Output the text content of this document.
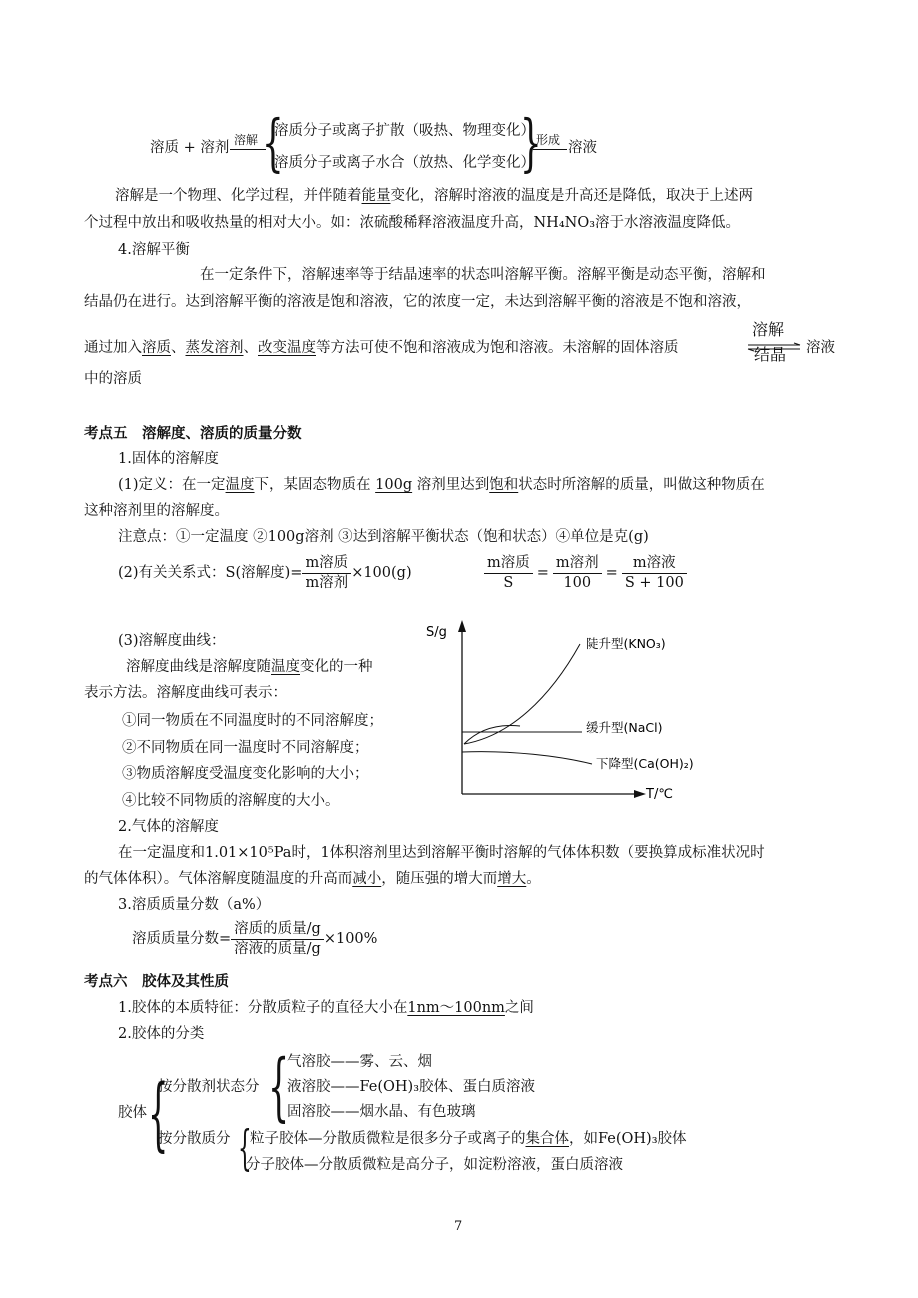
溶质 + 溶剂 溶解 {
溶质分子或离子扩散（吸热、物理变化）
溶质分子或离子水合（放热、化学变化）
}
形成 溶液
溶解是一个物理、化学过程，并伴随着能量变化，溶解时溶液的温度是升高还是降低，取决于上述两
个过程中放出和吸收热量的相对大小。如：浓硫酸稀释溶液温度升高，NH₄NO₃溶于水溶液温度降低。
4.溶解平衡
在一定条件下，溶解速率等于结晶速率的状态叫溶解平衡。溶解平衡是动态平衡，溶解和
结晶仍在进行。达到溶解平衡的溶液是饱和溶液，它的浓度一定，未达到溶解平衡的溶液是不饱和溶液，
通过加入溶质、蒸发溶剂、改变温度等方法可使不饱和溶液成为饱和溶液。未溶解的固体溶质
溶解
结晶 溶液
中的溶质
考点五　溶解度、溶质的质量分数
1.固体的溶解度
(1)定义：在一定温度下，某固态物质在 100g 溶剂里达到饱和状态时所溶解的质量，叫做这种物质在
这种溶剂里的溶解度。
注意点：①一定温度 ②100g溶剂 ③达到溶解平衡状态（饱和状态）④单位是克(g)
(2)有关关系式：S(溶解度)= $\frac{\text{m溶质}}{\text{m溶剂}} \times 100(g)$	$\frac{\text{m溶质}}{S} = \frac{\text{m溶剂}}{100} = \frac{\text{m溶液}}{S + 100}$
(3)溶解度曲线：
溶解度曲线是溶解度随温度变化的一种
表示方法。溶解度曲线可表示：
①同一物质在不同温度时的不同溶解度；
②不同物质在同一温度时不同溶解度；
③物质溶解度受温度变化影响的大小；
④比较不同物质的溶解度的大小。
S/g
T/℃
陡升型(KNO₃)
缓升型(NaCl)
下降型(Ca(OH)₂)
2.气体的溶解度
在一定温度和1.01×10⁵Pa时，1体积溶剂里达到溶解平衡时溶解的气体体积数（要换算成标准状况时
的气体体积）。气体溶解度随温度的升高而减小，随压强的增大而增大。
3.溶质质量分数（a%）
溶质质量分数= $\frac{\text{溶质的质量/g}}{\text{溶液的质量/g}} \times 100\%$
考点六　胶体及其性质
1.胶体的本质特征：分散质粒子的直径大小在1nm～100nm之间
2.胶体的分类
胶体 {
按分散剂状态分 {
气溶胶——雾、云、烟
液溶胶——Fe(OH)₃胶体、蛋白质溶液
固溶胶——烟水晶、有色玻璃
按分散质分 {
粒子胶体—分散质微粒是很多分子或离子的集合体，如Fe(OH)₃胶体
分子胶体—分散质微粒是高分子，如淀粉溶液，蛋白质溶液
7
